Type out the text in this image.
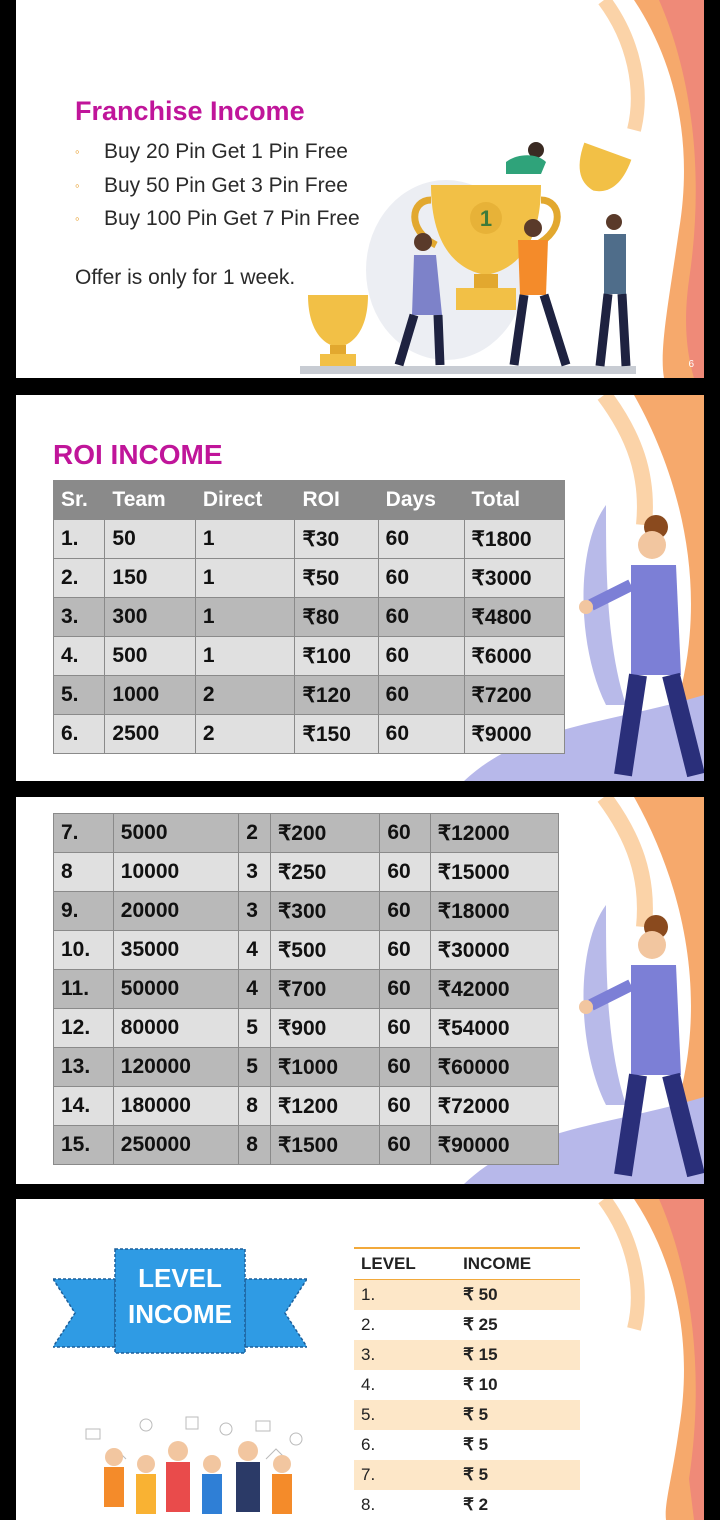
Franchise Income
◦ Buy 20 Pin Get 1 Pin Free
◦ Buy 50 Pin Get 3 Pin Free
◦ Buy 100 Pin Get 7 Pin Free

Offer is only for 1 week.

1
6
ROI INCOME
Sr.	Team	Direct	ROI	Days	Total
1.	50	1	₹30	60	₹1800
2.	150	1	₹50	60	₹3000
3.	300	1	₹80	60	₹4800
4.	500	1	₹100	60	₹6000
5.	1000	2	₹120	60	₹7200
6.	2500	2	₹150	60	₹9000
7.	5000	2	₹200	60	₹12000
8	10000	3	₹250	60	₹15000
9.	20000	3	₹300	60	₹18000
10.	35000	4	₹500	60	₹30000
11.	50000	4	₹700	60	₹42000
12.	80000	5	₹900	60	₹54000
13.	120000	5	₹1000	60	₹60000
14.	180000	8	₹1200	60	₹72000
15.	250000	8	₹1500	60	₹90000
LEVEL
INCOME
LEVEL	INCOME
1.	₹ 50
2.	₹ 25
3.	₹ 15
4.	₹ 10
5.	₹ 5
6.	₹ 5
7.	₹ 5
8.	₹ 2
